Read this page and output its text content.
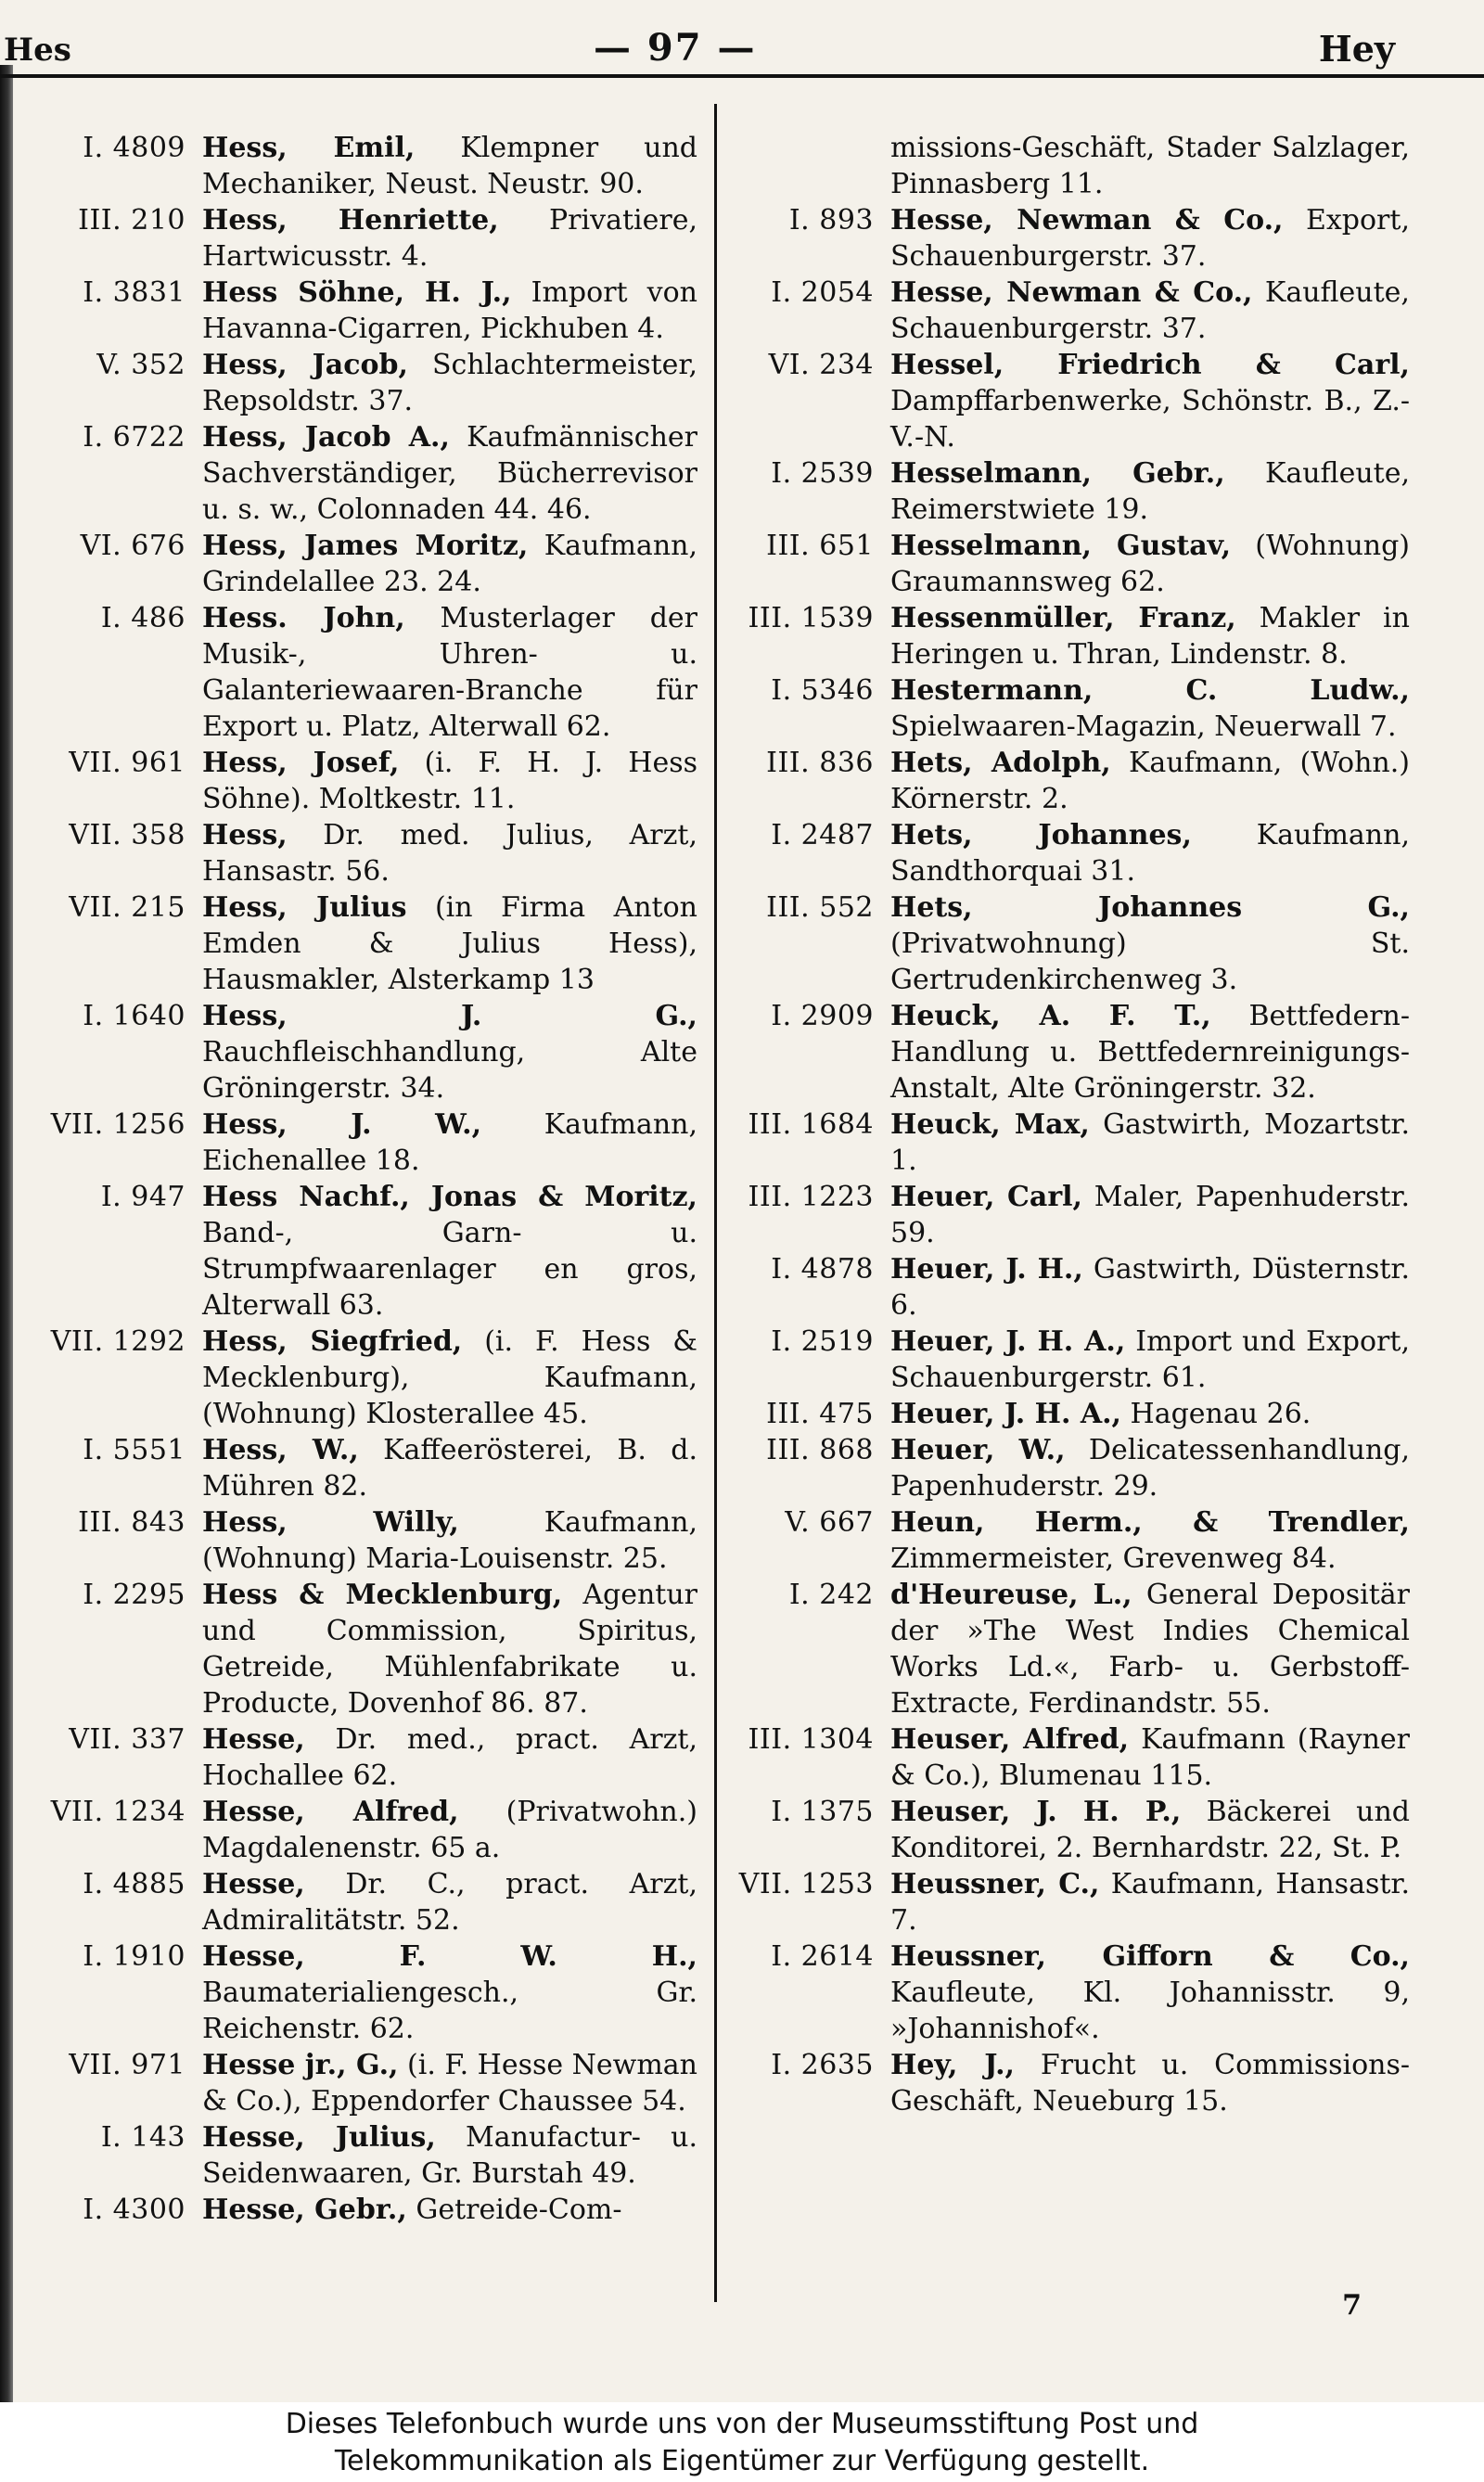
Hes	— 97 —	Hey
I. 4809 Hess, Emil, Klempner und Mechaniker, Neust. Neustr. 90.
III. 210 Hess, Henriette, Privatiere, Hartwicusstr. 4.
I. 3831 Hess Söhne, H. J., Import von Havanna-Cigarren, Pickhuben 4.
V. 352 Hess, Jacob, Schlachtermeister, Repsoldstr. 37.
I. 6722 Hess, Jacob A., Kaufmännischer Sachverständiger, Bücherrevisor u. s. w., Colonnaden 44. 46.
VI. 676 Hess, James Moritz, Kaufmann, Grindelallee 23. 24.
I. 486 Hess. John, Musterlager der Musik-, Uhren- u. Galanteriewaaren-Branche für Export u. Platz, Alterwall 62.
VII. 961 Hess, Josef, (i. F. H. J. Hess Söhne). Moltkestr. 11.
VII. 358 Hess, Dr. med. Julius, Arzt, Hansastr. 56.
VII. 215 Hess, Julius (in Firma Anton Emden & Julius Hess), Hausmakler, Alsterkamp 13
I. 1640 Hess, J. G., Rauchfleischhandlung, Alte Gröningerstr. 34.
VII. 1256 Hess, J. W., Kaufmann, Eichenallee 18.
I. 947 Hess Nachf., Jonas & Moritz, Band-, Garn- u. Strumpfwaarenlager en gros, Alterwall 63.
VII. 1292 Hess, Siegfried, (i. F. Hess & Mecklenburg), Kaufmann, (Wohnung) Klosterallee 45.
I. 5551 Hess, W., Kaffeerösterei, B. d. Mühren 82.
III. 843 Hess, Willy,	Kaufmann, (Wohnung) Maria-Louisenstr. 25.
I. 2295 Hess & Mecklenburg, Agentur und Commission, Spiritus, Getreide, Mühlenfabrikate u. Producte, Dovenhof 86. 87.
VII. 337 Hesse, Dr. med., pract. Arzt, Hochallee 62.
VII. 1234 Hesse, Alfred, (Privatwohn.) Magdalenenstr. 65 a.
I. 4885 Hesse, Dr. C., pract. Arzt, Admiralitätstr. 52.
I. 1910 Hesse, F. W. H., Baumaterialiengesch., Gr. Reichenstr. 62.
VII. 971 Hesse jr., G., (i. F. Hesse Newman & Co.), Eppendorfer Chaussee 54.
I. 143 Hesse, Julius, Manufactur- u. Seidenwaaren, Gr. Burstah 49.
I. 4300 Hesse, Gebr., Getreide-Com-
missions-Geschäft, Stader Salzlager, Pinnasberg 11.
I. 893 Hesse, Newman & Co., Export, Schauenburgerstr. 37.
I. 2054 Hesse, Newman & Co., Kaufleute, Schauenburgerstr. 37.
VI. 234 Hessel, Friedrich & Carl, Dampffarbenwerke, Schönstr. B., Z.-V.-N.
I. 2539 Hesselmann, Gebr., Kaufleute, Reimerstwiete 19.
III. 651 Hesselmann, Gustav, (Wohnung) Graumannsweg 62.
III. 1539 Hessenmüller, Franz, Makler in Heringen u. Thran, Lindenstr. 8.
I. 5346 Hestermann, C. Ludw., Spielwaaren-Magazin, Neuerwall 7.
III. 836 Hets, Adolph, Kaufmann, (Wohn.) Körnerstr. 2.
I. 2487 Hets, Johannes, Kaufmann, Sandthorquai 31.
III. 552 Hets, Johannes G., (Privatwohnung) St. Gertrudenkirchenweg 3.
I. 2909 Heuck, A. F. T., Bettfedern-Handlung u. Bettfedernreinigungs-Anstalt, Alte Gröningerstr. 32.
III. 1684 Heuck, Max, Gastwirth, Mozartstr. 1.
III. 1223 Heuer, Carl, Maler, Papenhuderstr. 59.
I. 4878 Heuer, J. H., Gastwirth, Düsternstr. 6.
I. 2519 Heuer, J. H. A., Import und Export, Schauenburgerstr. 61.
III. 475 Heuer, J. H. A., Hagenau 26.
III. 868 Heuer, W., Delicatessenhandlung, Papenhuderstr. 29.
V. 667 Heun, Herm., & Trendler, Zimmermeister, Grevenweg 84.
I. 242 d'Heureuse, L., General Depositär der »The West Indies Chemical Works Ld.«, Farb- u. Gerbstoff-Extracte, Ferdinandstr. 55.
III. 1304 Heuser, Alfred, Kaufmann (Rayner & Co.), Blumenau 115.
I. 1375 Heuser, J. H. P., Bäckerei und Konditorei, 2. Bernhardstr. 22, St. P.
VII. 1253 Heussner, C., Kaufmann, Hansastr. 7.
I. 2614 Heussner, Gifforn & Co., Kaufleute, Kl. Johannisstr. 9, »Johannishof«.
I. 2635 Hey, J., Frucht u. Commissions-Geschäft, Neueburg 15.
7
Dieses Telefonbuch wurde uns von der Museumsstiftung Post und
Telekommunikation als Eigentümer zur Verfügung gestellt.
